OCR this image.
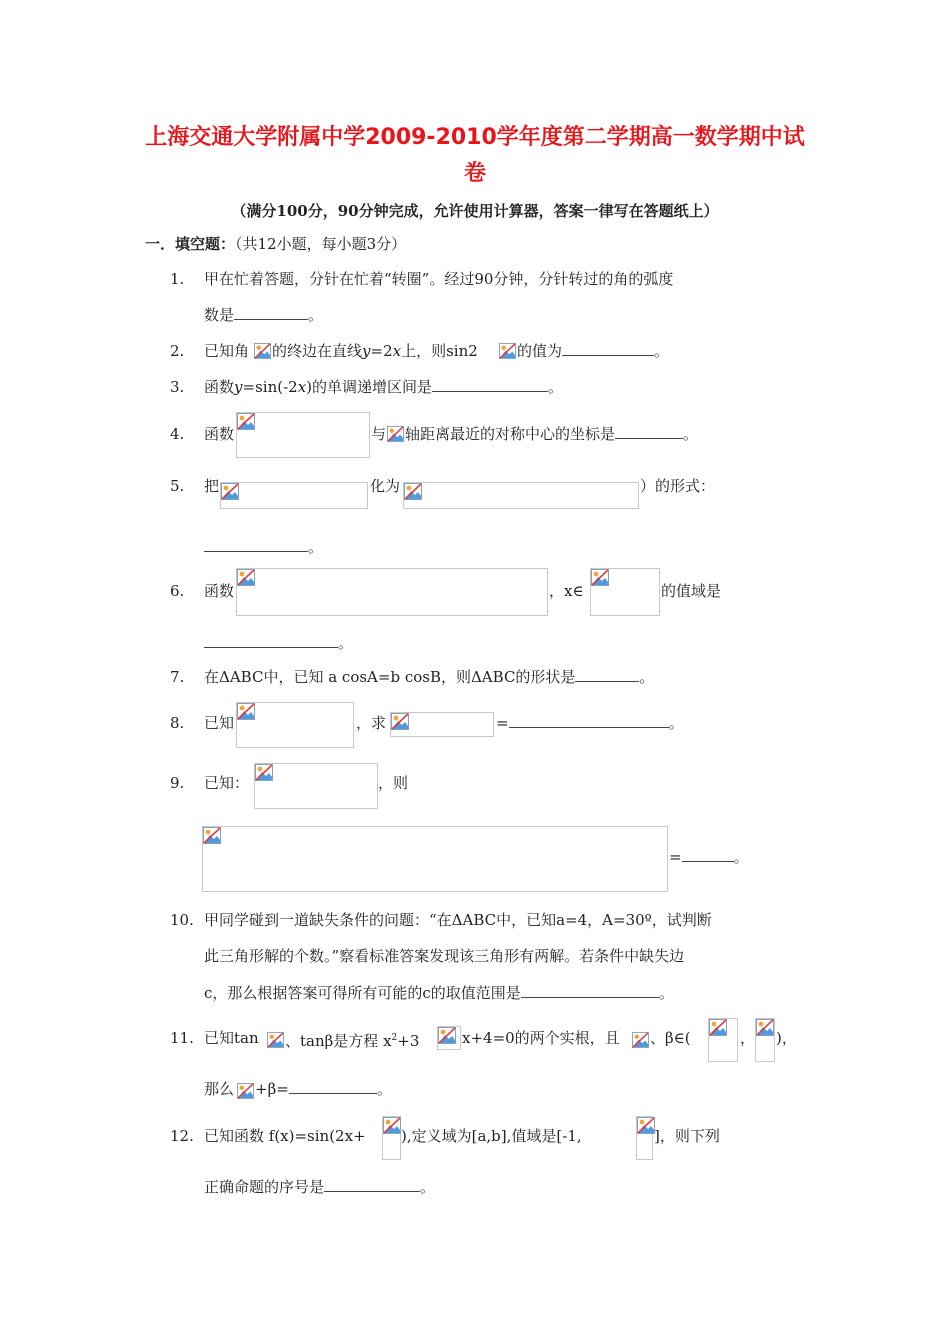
上海交通大学附属中学2009-2010学年度第二学期高一数学期中试
卷
（满分100分，90分钟完成，允许使用计算器，答案一律写在答题纸上）
一．填空题：（共12小题，每小题3分）
1. 甲在忙着答题，分针在忙着“转圈”。经过90分钟，分针转过的角的弧度
数是	。
2. 已知角 的终边在直线y=2x上，则sin2	的值为	。
3. 函数y=sin(-2x)的单调递增区间是	。
4. 函数	与 轴距离最近的对称中心的坐标是	。
5. 把	化为	）的形式：
。
6. 函数	，x∈	的值域是
。
7. 在ΔABC中，已知 a cosA=b cosB，则ΔABC的形状是	。
8. 已知	，求	=	。
9. 已知：	，则
=	。
10. 甲同学碰到一道缺失条件的问题：“在ΔABC中，已知a=4，A=30º，试判断
此三角形解的个数。”察看标准答案发现该三角形有两解。若条件中缺失边
c，那么根据答案可得所有可能的c的取值范围是	。
11. 已知tan 、tanβ是方程 $x^2+3$	x+4=0的两个实根，且 、β∈(	， )，
那么 +β=	。
12. 已知函数 f(x)=sin(2x+ ),定义域为[a,b],值域是[-1,	]，则下列
正确命题的序号是	。
